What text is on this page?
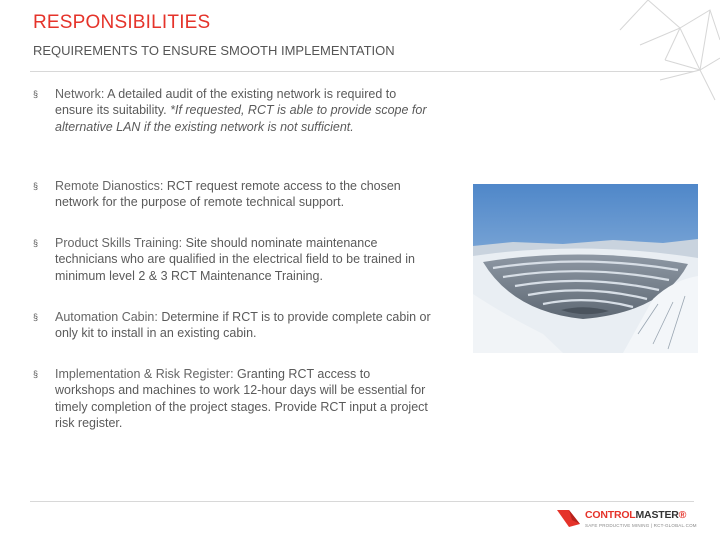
RESPONSIBILITIES
REQUIREMENTS TO ENSURE SMOOTH IMPLEMENTATION
§ Network: A detailed audit of the existing network is required to ensure its suitability. *If requested, RCT is able to provide scope for alternative LAN if the existing network is not sufficient.
§ Remote Dianostics: RCT request remote access to the chosen network for the purpose of remote technical support.
§ Product Skills Training: Site should nominate maintenance technicians who are qualified in the electrical field to be trained in minimum level 2 & 3 RCT Maintenance Training.
§ Automation Cabin: Determine if RCT is to provide complete cabin or only kit to install in an existing cabin.
§ Implementation & Risk Register: Granting RCT access to workshops and machines to work 12-hour days will be essential for timely completion of the project stages. Provide RCT input a project risk register.
CONTROLMASTER®
SAFE PRODUCTIVE MINING | RCT-GLOBAL.COM
